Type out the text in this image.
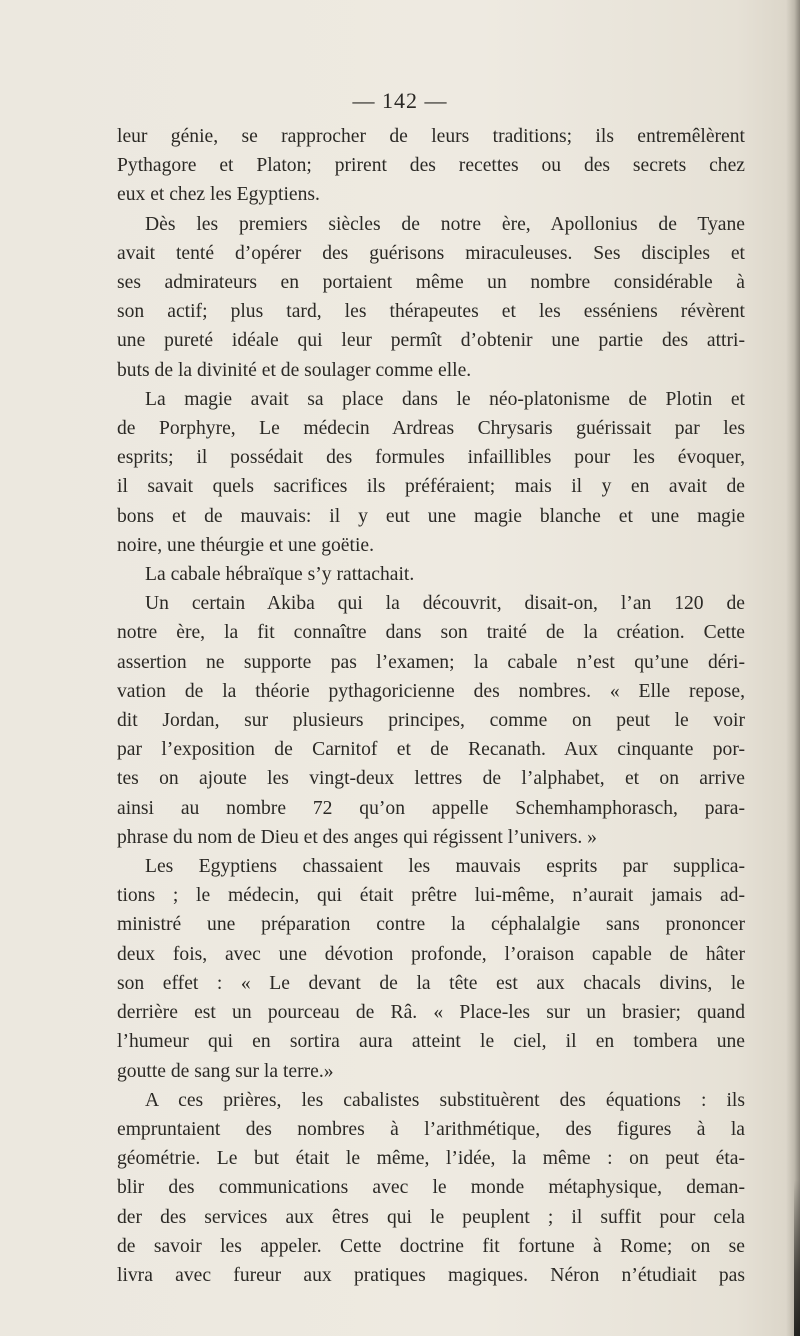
— 142 —
leur génie, se rapprocher de leurs traditions; ils entremêlèrent
Pythagore et Platon; prirent des recettes ou des secrets chez
eux et chez les Egyptiens.
Dès les premiers siècles de notre ère, Apollonius de Tyane
avait tenté d’opérer des guérisons miraculeuses. Ses disciples et
ses admirateurs en portaient même un nombre considérable à
son actif; plus tard, les thérapeutes et les esséniens révèrent
une pureté idéale qui leur permît d’obtenir une partie des attri-
buts de la divinité et de soulager comme elle.
La magie avait sa place dans le néo-platonisme de Plotin et
de Porphyre, Le médecin Ardreas Chrysaris guérissait par les
esprits; il possédait des formules infaillibles pour les évoquer,
il savait quels sacrifices ils préféraient; mais il y en avait de
bons et de mauvais: il y eut une magie blanche et une magie
noire, une théurgie et une goëtie.
La cabale hébraïque s’y rattachait.
Un certain Akiba qui la découvrit, disait-on, l’an 120 de
notre ère, la fit connaître dans son traité de la création. Cette
assertion ne supporte pas l’examen; la cabale n’est qu’une déri-
vation de la théorie pythagoricienne des nombres. « Elle repose,
dit Jordan, sur plusieurs principes, comme on peut le voir
par l’exposition de Carnitof et de Recanath. Aux cinquante por-
tes on ajoute les vingt-deux lettres de l’alphabet, et on arrive
ainsi au nombre 72 qu’on appelle Schemhamphorasch, para-
phrase du nom de Dieu et des anges qui régissent l’univers. »
Les Egyptiens chassaient les mauvais esprits par supplica-
tions ; le médecin, qui était prêtre lui-même, n’aurait jamais ad-
ministré une préparation contre la céphalalgie sans prononcer
deux fois, avec une dévotion profonde, l’oraison capable de hâter
son effet : « Le devant de la tête est aux chacals divins, le
derrière est un pourceau de Râ. « Place-les sur un brasier; quand
l’humeur qui en sortira aura atteint le ciel, il en tombera une
goutte de sang sur la terre.»
A ces prières, les cabalistes substituèrent des équations : ils
empruntaient des nombres à l’arithmétique, des figures à la
géométrie. Le but était le même, l’idée, la même : on peut éta-
blir des communications avec le monde métaphysique, deman-
der des services aux êtres qui le peuplent ; il suffit pour cela
de savoir les appeler. Cette doctrine fit fortune à Rome; on se
livra avec fureur aux pratiques magiques. Néron n’étudiait pas
